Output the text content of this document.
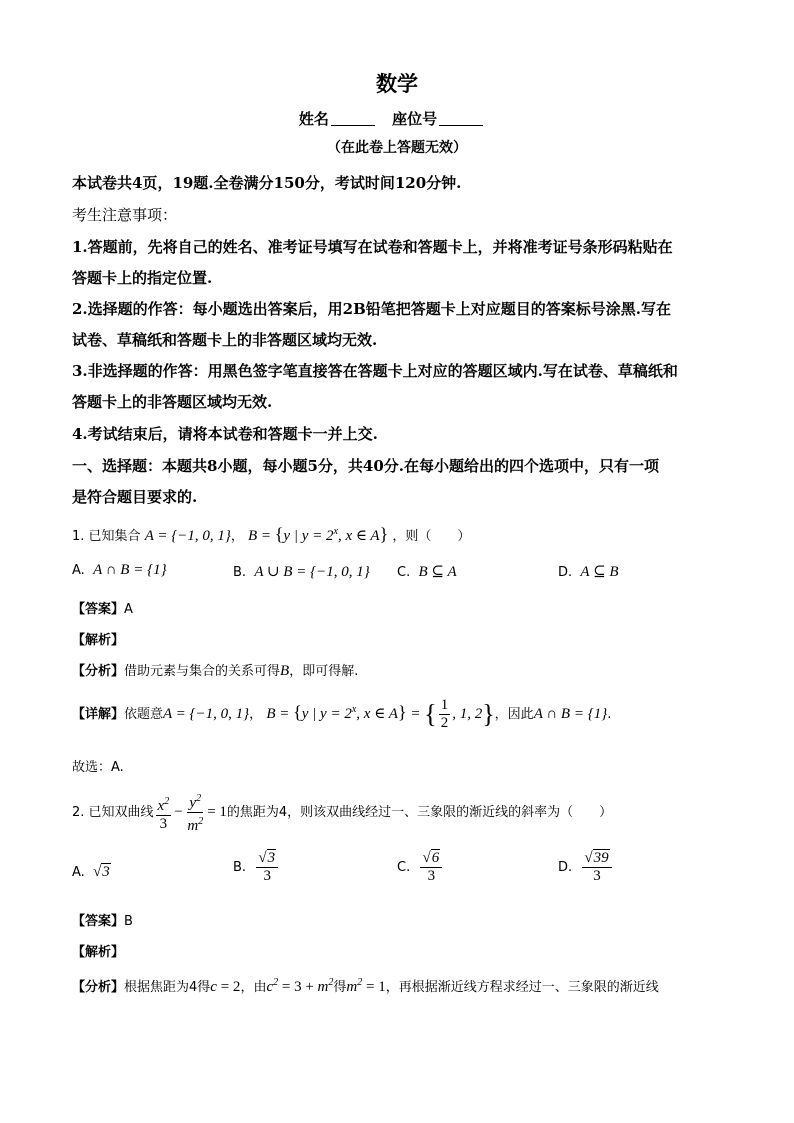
数学
姓名	座位号
（在此卷上答题无效）
本试卷共4页，19题.全卷满分150分，考试时间120分钟.
考生注意事项：
1.答题前，先将自己的姓名、准考证号填写在试卷和答题卡上，并将准考证号条形码粘贴在
答题卡上的指定位置.
2.选择题的作答：每小题选出答案后，用2B铅笔把答题卡上对应题目的答案标号涂黑.写在
试卷、草稿纸和答题卡上的非答题区域均无效.
3.非选择题的作答：用黑色签字笔直接答在答题卡上对应的答题区域内.写在试卷、草稿纸和
答题卡上的非答题区域均无效.
4.考试结束后，请将本试卷和答题卡一并上交.
一、选择题：本题共8小题，每小题5分，共40分.在每小题给出的四个选项中，只有一项
是符合题目要求的.
1. 已知集合 A = {−1, 0, 1}， B = {y | $y = 2^x$, x ∈ A} ，则（　　）
A. A ∩ B = {1}	B. A ∪ B = {−1, 0, 1} C. B ⊆ A	D. A ⊆ B
【答案】A
【解析】
【分析】借助元素与集合的关系可得B，即可得解.
【详解】依题意A = {−1, 0, 1}， B = {y | $y = 2^x$, x ∈ A} = { $\frac{1}{2}$ , 1, 2}，因此A ∩ B = {1}.
故选：A.
2. 已知双曲线 $\frac{x^2}{3} - \frac{y^2}{m^2} = 1$的焦距为4，则该双曲线经过一、三象限的渐近线的斜率为（　　）
A. √3	B. $\frac{√3}{3}$	C. $\frac{√6}{3}$	D. $\frac{√39}{3}$
【答案】B
【解析】
【分析】根据焦距为4得c = 2，由$c^2 = 3 + m^2$得$m^2 = 1$，再根据渐近线方程求经过一、三象限的渐近线
